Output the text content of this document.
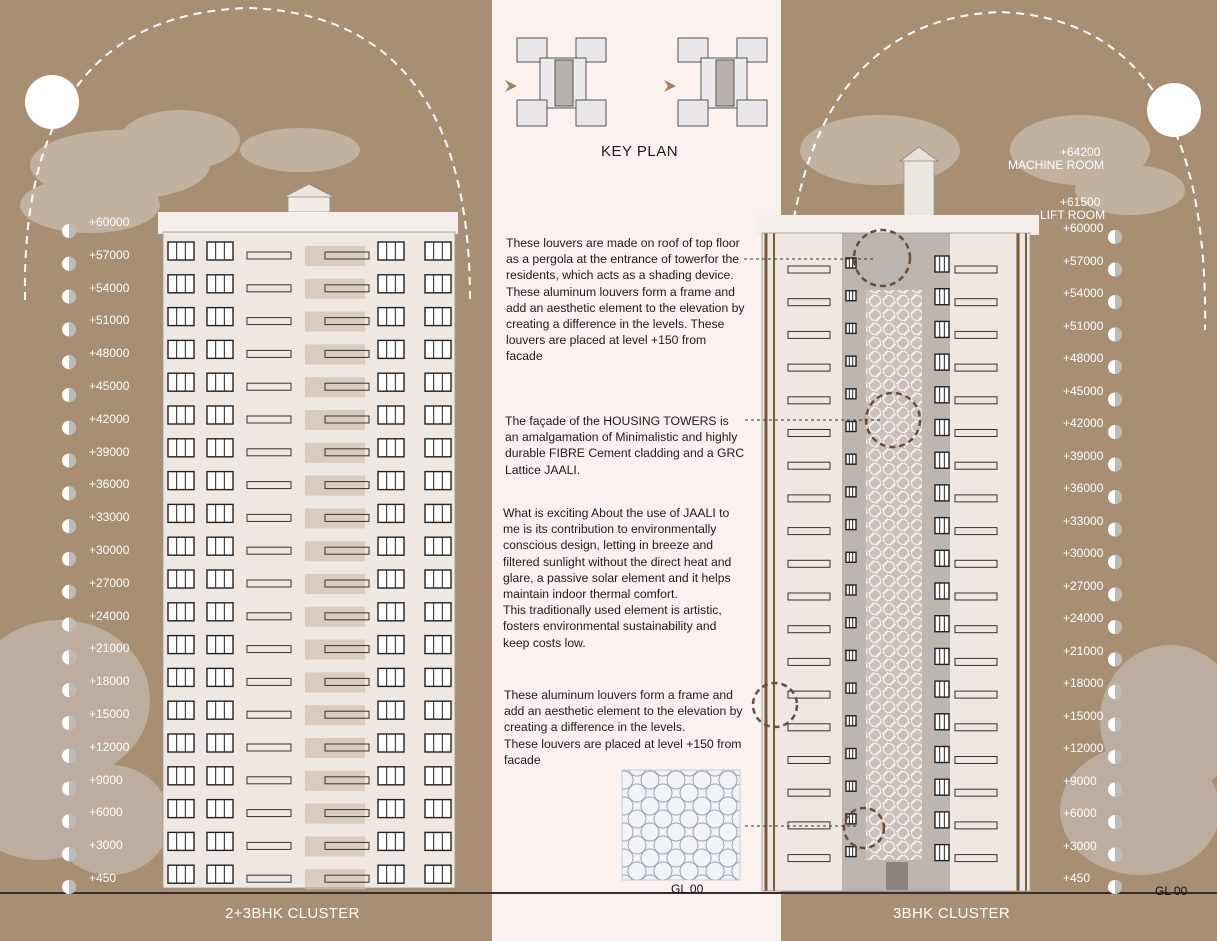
+60000
+57000
+54000
+51000
+48000
+45000
+42000
+39000
+36000
+33000
+30000
+27000
+24000
+21000
+18000
+15000
+12000
+9000
+6000
+3000
+450
+60000
+57000
+54000
+51000
+48000
+45000
+42000
+39000
+36000
+33000
+30000
+27000
+24000
+21000
+18000
+15000
+12000
+9000
+6000
+3000
+450
+64200
MACHINE ROOM
+61500
LIFT ROOM
KEY PLAN
These louvers are made on roof of top floor as a pergola at the entrance of towerfor the residents, which acts as a shading device. These aluminum louvers form a frame and add an aesthetic element to the elevation by creating a difference in the levels. These louvers are placed at level +150 from facade
The façade of the HOUSING TOWERS is an amalgamation of Minimalistic and highly durable FIBRE Cement cladding and a GRC
Lattice JAALI.
What is exciting About the use of JAALI to me is its contribution to environmentally conscious design, letting in breeze and filtered sunlight without the direct heat and glare, a passive solar element and it helps maintain indoor thermal comfort.
This traditionally used element is artistic, fosters environmental sustainability and keep costs low.
These aluminum louvers form a frame and add an aesthetic element to the elevation by creating a difference in the levels.
These louvers are placed at level +150 from facade
GL 00	GL 00
2+3BHK CLUSTER	3BHK CLUSTER
